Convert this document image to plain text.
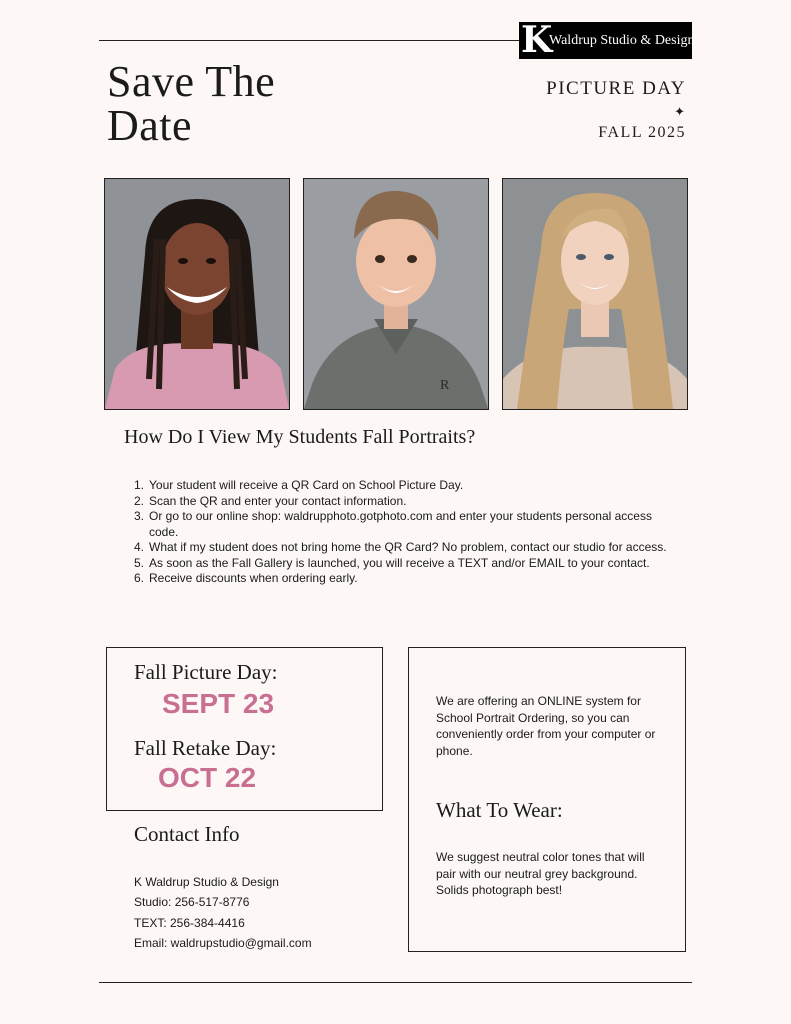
K
Waldrup Studio & Design
Save The
Date
PICTURE DAY
✦
FALL 2025
R
How Do I View My Students Fall Portraits?
1. Your student will receive a QR Card on School Picture Day.
2. Scan the QR and enter your contact information.
3. Or go to our online shop: waldrupphoto.gotphoto.com and enter your students personal access code.
4. What if my student does not bring home the QR Card? No problem, contact our studio for access.
5. As soon as the Fall Gallery is launched, you will receive a TEXT and/or EMAIL to your contact.
6. Receive discounts when ordering early.
Fall Picture Day:
SEPT 23
Fall Retake Day:
OCT 22
We are offering an ONLINE system for School Portrait Ordering, so you can conveniently order from your computer or phone.
What To Wear:
We suggest neutral color tones that will pair with our neutral grey background. Solids photograph best!
Contact Info
K Waldrup Studio & Design
Studio: 256-517-8776
TEXT: 256-384-4416
Email: waldrupstudio@gmail.com
